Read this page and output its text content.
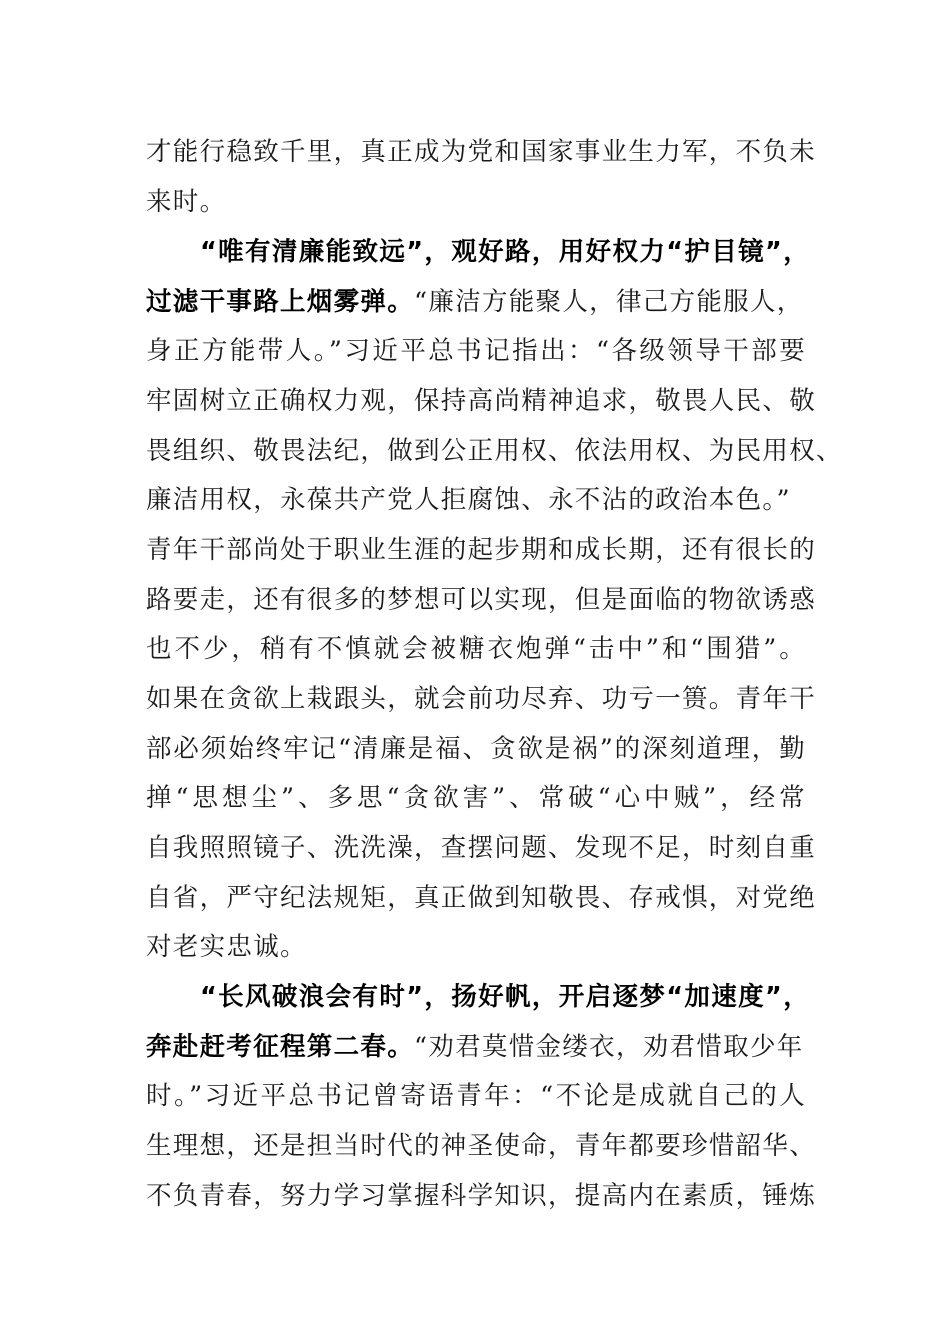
才能行稳致千里，真正成为党和国家事业生力军，不负未
来时。
“唯有清廉能致远”，观好路，用好权力“护目镜”，
过滤干事路上烟雾弹。“廉洁方能聚人，律己方能服人，
身正方能带人。”习近平总书记指出：“各级领导干部要
牢固树立正确权力观，保持高尚精神追求，敬畏人民、敬
畏组织、敬畏法纪，做到公正用权、依法用权、为民用权、
廉洁用权，永葆共产党人拒腐蚀、永不沾的政治本色。”
青年干部尚处于职业生涯的起步期和成长期，还有很长的
路要走，还有很多的梦想可以实现，但是面临的物欲诱惑
也不少，稍有不慎就会被糖衣炮弹“击中”和“围猎”。
如果在贪欲上栽跟头，就会前功尽弃、功亏一篑。青年干
部必须始终牢记“清廉是福、贪欲是祸”的深刻道理，勤
掸“思想尘”、多思“贪欲害”、常破“心中贼”，经常
自我照照镜子、洗洗澡，查摆问题、发现不足，时刻自重
自省，严守纪法规矩，真正做到知敬畏、存戒惧，对党绝
对老实忠诚。
“长风破浪会有时”，扬好帆，开启逐梦“加速度”，
奔赴赶考征程第二春。“劝君莫惜金缕衣，劝君惜取少年
时。”习近平总书记曾寄语青年：“不论是成就自己的人
生理想，还是担当时代的神圣使命，青年都要珍惜韶华、
不负青春，努力学习掌握科学知识，提高内在素质，锤炼
